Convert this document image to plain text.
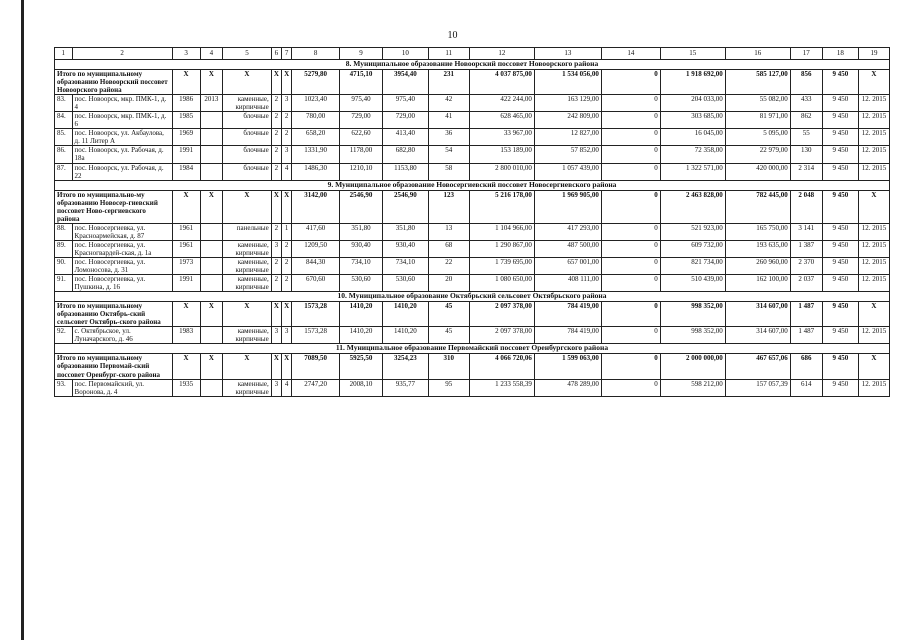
10
1	2	3	4	5	6	7	8	9	10	11	12	13	14	15	16	17	18	19
8. Муниципальное образование Новоорский поссовет Новоорского района																		
Итого по муниципальному образованию Новоорский поссовет Новоорского района		X	X	X	X	X	5279,80	4715,10	3954,40	231	4 037 875,00	1 534 056,00	0	1 918 692,00	585 127,00	856	9 450	X
83.	пос. Новоорск, мкр. ПМК-1, д. 4	1986	2013	каменные, кирпичные	2	3	1023,40	975,40	975,40	42	422 244,00	163 129,00	0	204 033,00	55 082,00	433	9 450	12. 2015
84.	пос. Новоорск, мкр. ПМК-1, д. 6	1985		блочные	2	2	780,00	729,00	729,00	41	628 465,00	242 809,00	0	303 685,00	81 971,00	862	9 450	12. 2015
85.	пос. Новоорск, ул. Акбаулова, д. 11 Литер А	1969		блочные	2	2	658,20	622,60	413,40	36	33 967,00	12 827,00	0	16 045,00	5 095,00	55	9 450	12. 2015
86.	пос. Новоорск, ул. Рабочая, д. 18а	1991		блочные	2	3	1331,90	1178,00	682,80	54	153 189,00	57 852,00	0	72 358,00	22 979,00	130	9 450	12. 2015
87.	пос. Новоорск, ул. Рабочая, д. 22	1984		блочные	2	4	1486,30	1210,10	1153,80	58	2 800 010,00	1 057 439,00	0	1 322 571,00	420 000,00	2 314	9 450	12. 2015
9. Муниципальное образование Новосергиевский поссовет Новосергиевского района																		
Итого по муниципально-му образованию Новосер-гиевский поссовет Ново-сергиевского района		X	X	X	X	X	3142,00	2546,90	2546,90	123	5 216 178,00	1 969 905,00	0	2 463 828,00	782 445,00	2 048	9 450	X
88.	пос. Новосергиевка, ул. Красноармейская, д. 87	1961		панельные	2	1	417,60	351,80	351,80	13	1 104 966,00	417 293,00	0	521 923,00	165 750,00	3 141	9 450	12. 2015
89.	пос. Новосергиевка, ул. Красногвардей-ская, д. 1а	1961		каменные, кирпичные	3	2	1209,50	930,40	930,40	68	1 290 867,00	487 500,00	0	609 732,00	193 635,00	1 387	9 450	12. 2015
90.	пос. Новосергиевка, ул. Ломоносова, д. 31	1973		каменные, кирпичные	2	2	844,30	734,10	734,10	22	1 739 695,00	657 001,00	0	821 734,00	260 960,00	2 370	9 450	12. 2015
91.	пос. Новосергиевка, ул. Пушкина, д. 16	1991		каменные, кирпичные	2	2	670,60	530,60	530,60	20	1 080 650,00	408 111,00	0	510 439,00	162 100,00	2 037	9 450	12. 2015
10. Муниципальное образование Октябрьский сельсовет Октябрьского района																		
Итого по муниципальному образованию Октябрь-ский сельсовет Октябрь-ского района		X	X	X	X	X	1573,28	1410,20	1410,20	45	2 097 378,00	784 419,00	0	998 352,00	314 607,00	1 487	9 450	X
92.	с. Октябрьское, ул. Луначарского, д. 46	1983		каменные, кирпичные	3	3	1573,28	1410,20	1410,20	45	2 097 378,00	784 419,00	0	998 352,00	314 607,00	1 487	9 450	12. 2015
11. Муниципальное образование Первомайский поссовет Оренбургского района																		
Итого по муниципальному образованию Первомай-ский поссовет Оренбург-ского района		X	X	X	X	X	7089,50	5925,50	3254,23	310	4 066 720,06	1 599 063,00	0	2 000 000,00	467 657,06	686	9 450	X
93.	пос. Первомайский, ул. Воронова, д. 4	1935		каменные, кирпичные	3	4	2747,20	2008,10	935,77	95	1 233 558,39	478 289,00	0	598 212,00	157 057,39	614	9 450	12. 2015
